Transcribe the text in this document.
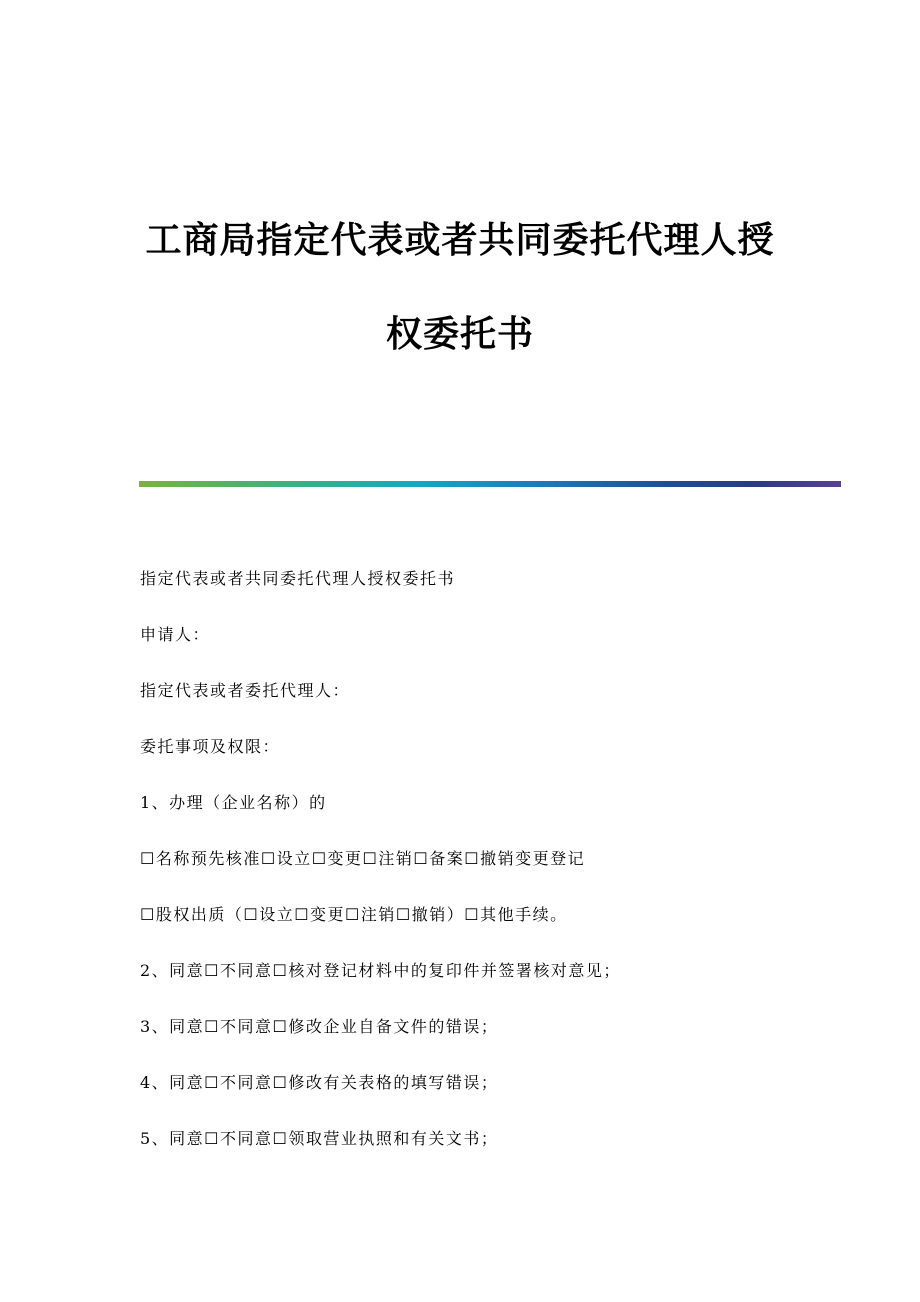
工商局指定代表或者共同委托代理人授

权委托书

指定代表或者共同委托代理人授权委托书

申请人：

指定代表或者委托代理人：

委托事项及权限：

1、办理（企业名称）的

☐名称预先核准☐设立☐变更☐注销☐备案☐撤销变更登记

☐股权出质（☐设立☐变更☐注销☐撤销）☐其他手续。

2、同意☐不同意☐核对登记材料中的复印件并签署核对意见；

3、同意☐不同意☐修改企业自备文件的错误；

4、同意☐不同意☐修改有关表格的填写错误；

5、同意☐不同意☐领取营业执照和有关文书；
